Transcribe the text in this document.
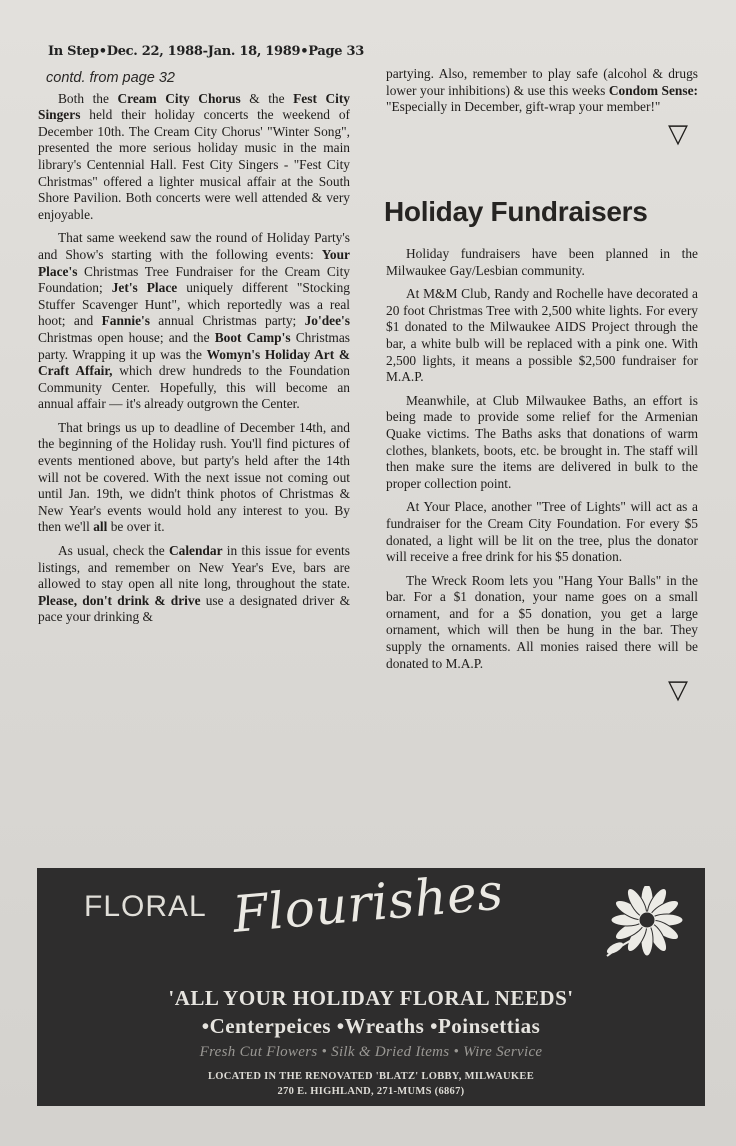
In Step•Dec. 22, 1988-Jan. 18, 1989•Page 33
contd. from page 32

Both the Cream City Chorus & the Fest City Singers held their holiday concerts the weekend of December 10th. The Cream City Chorus' "Winter Song", presented the more serious holiday music in the main library's Centennial Hall. Fest City Singers - "Fest City Christmas" offered a lighter musical affair at the South Shore Pavilion. Both concerts were well attended & very enjoyable.

That same weekend saw the round of Holiday Party's and Show's starting with the following events: Your Place's Christmas Tree Fundraiser for the Cream City Foundation; Jet's Place uniquely different "Stocking Stuffer Scavenger Hunt", which reportedly was a real hoot; and Fannie's annual Christmas party; Jo'dee's Christmas open house; and the Boot Camp's Christmas party. Wrapping it up was the Womyn's Holiday Art & Craft Affair, which drew hundreds to the Foundation Community Center. Hopefully, this will become an annual affair — it's already outgrown the Center.

That brings us up to deadline of December 14th, and the beginning of the Holiday rush. You'll find pictures of events mentioned above, but party's held after the 14th will not be covered. With the next issue not coming out until Jan. 19th, we didn't think photos of Christmas & New Year's events would hold any interest to you. By then we'll all be over it.

As usual, check the Calendar in this issue for events listings, and remember on New Year's Eve, bars are allowed to stay open all nite long, throughout the state. Please, don't drink & drive use a designated driver & pace your drinking &

partying. Also, remember to play safe (alcohol & drugs lower your inhibitions) & use this weeks Condom Sense: "Especially in December, gift-wrap your member!"

▽
Holiday Fundraisers

Holiday fundraisers have been planned in the Milwaukee Gay/Lesbian community.

At M&M Club, Randy and Rochelle have decorated a 20 foot Christmas Tree with 2,500 white lights. For every $1 donated to the Milwaukee AIDS Project through the bar, a white bulb will be replaced with a pink one. With 2,500 lights, it means a possible $2,500 fundraiser for M.A.P.

Meanwhile, at Club Milwaukee Baths, an effort is being made to provide some relief for the Armenian Quake victims. The Baths asks that donations of warm clothes, blankets, boots, etc. be brought in. The staff will then make sure the items are delivered in bulk to the proper collection point.

At Your Place, another "Tree of Lights" will act as a fundraiser for the Cream City Foundation. For every $5 donated, a light will be lit on the tree, plus the donator will receive a free drink for his $5 donation.

The Wreck Room lets you "Hang Your Balls" in the bar. For a $1 donation, your name goes on a small ornament, and for a $5 donation, you get a large ornament, which will then be hung in the bar. They supply the ornaments. All monies raised there will be donated to M.A.P.

▽
FLORAL Flourishes
'ALL YOUR HOLIDAY FLORAL NEEDS'
•Centerpeices •Wreaths •Poinsettias
Fresh Cut Flowers • Silk & Dried Items • Wire Service
LOCATED IN THE RENOVATED 'BLATZ' LOBBY, MILWAUKEE
270 E. HIGHLAND, 271-MUMS (6867)
